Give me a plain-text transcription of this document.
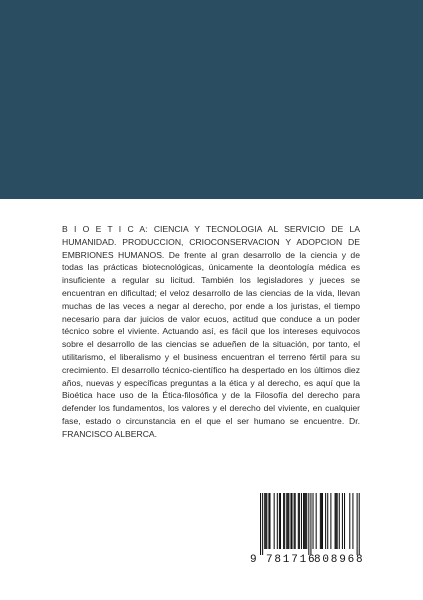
B I O E T I C A: CIENCIA Y TECNOLOGIA AL SERVICIO DE LA HUMANIDAD. PRODUCCION, CRIOCONSERVACION Y ADOPCION DE EMBRIONES HUMANOS. De frente al gran desarrollo de la ciencia y de todas las prácticas biotecnológicas, únicamente la deontología médica es insuficiente a regular su licitud. También los legisladores y jueces se encuentran en dificultad; el veloz desarrollo de las ciencias de la vida, llevan muchas de las veces a negar al derecho, por ende a los juristas, el tiempo necesario para dar juicios de valor ecuos, actitud que conduce a un poder técnico sobre el viviente. Actuando así, es fácil que los intereses equivocos sobre el desarrollo de las ciencias se adueñen de la situación, por tanto, el utilitarismo, el liberalismo y el business encuentran el terreno fértil para su crecimiento. El desarrollo técnico-científico ha despertado en los últimos diez años, nuevas y específicas preguntas a la ética y al derecho, es aquí que la Bioética hace uso de la Ética-filosófica y de la Filosofía del derecho para defender los fundamentos, los valores y el derecho del viviente, en cualquier fase, estado o circunstancia en el que el ser humano se encuentre. Dr. FRANCISCO ALBERCA.

9 781716
808968
